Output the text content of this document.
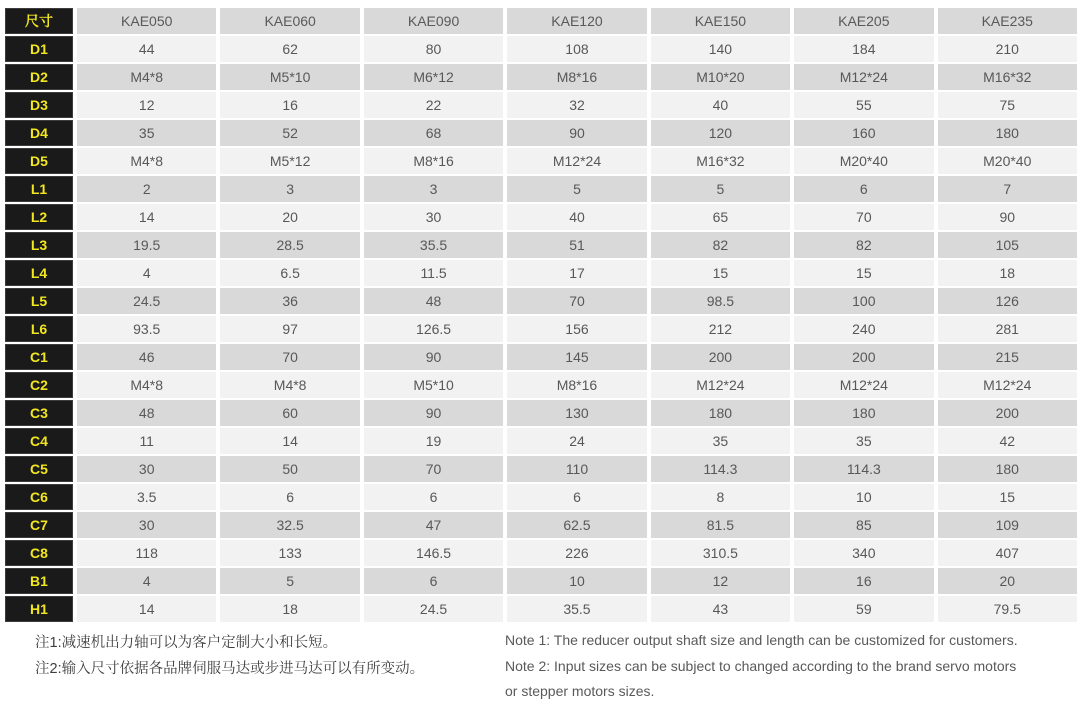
尺寸	KAE050	KAE060	KAE090	KAE120	KAE150	KAE205	KAE235
D1	44	62	80	108	140	184	210
D2	M4*8	M5*10	M6*12	M8*16	M10*20	M12*24	M16*32
D3	12	16	22	32	40	55	75
D4	35	52	68	90	120	160	180
D5	M4*8	M5*12	M8*16	M12*24	M16*32	M20*40	M20*40
L1	2	3	3	5	5	6	7
L2	14	20	30	40	65	70	90
L3	19.5	28.5	35.5	51	82	82	105
L4	4	6.5	11.5	17	15	15	18
L5	24.5	36	48	70	98.5	100	126
L6	93.5	97	126.5	156	212	240	281
C1	46	70	90	145	200	200	215
C2	M4*8	M4*8	M5*10	M8*16	M12*24	M12*24	M12*24
C3	48	60	90	130	180	180	200
C4	11	14	19	24	35	35	42
C5	30	50	70	110	114.3	114.3	180
C6	3.5	6	6	6	8	10	15
C7	30	32.5	47	62.5	81.5	85	109
C8	118	133	146.5	226	310.5	340	407
B1	4	5	6	10	12	16	20
H1	14	18	24.5	35.5	43	59	79.5
注1:减速机出力轴可以为客户定制大小和长短。
注2:输入尺寸依据各品牌伺服马达或步进马达可以有所变动。
Note 1: The reducer output shaft size and length can be customized for customers.
Note 2: Input sizes can be subject to changed according to the brand servo motors
or stepper motors sizes.
